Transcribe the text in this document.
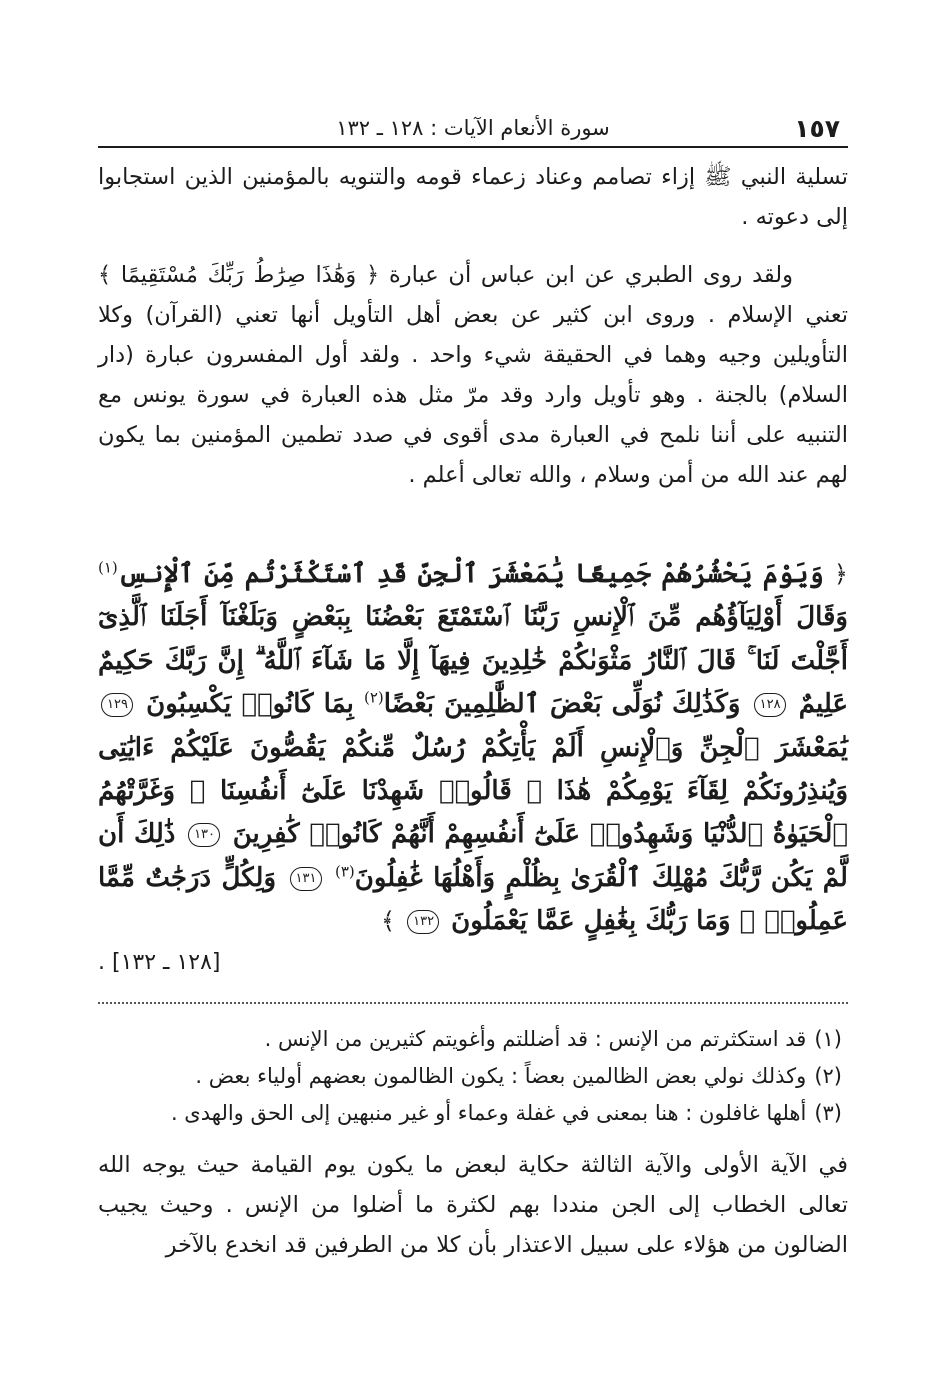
١٥٧
سورة الأنعام الآيات : ١٢٨ ـ ١٣٢

تسلية النبي ﷺ إزاء تصامم وعناد زعماء قومه والتنويه بالمؤمنين الذين استجابوا إلى دعوته .

ولقد روى الطبري عن ابن عباس أن عبارة ﴿ وَهَٰذَا صِرَٰطُ رَبِّكَ مُسْتَقِيمًا ﴾ تعني الإسلام . وروى ابن كثير عن بعض أهل التأويل أنها تعني (القرآن) وكلا التأويلين وجيه وهما في الحقيقة شيء واحد . ولقد أول المفسرون عبارة (دار السلام) بالجنة . وهو تأويل وارد وقد مرّ مثل هذه العبارة في سورة يونس مع التنبيه على أننا نلمح في العبارة مدى أقوى في صدد تطمين المؤمنين بما يكون لهم عند الله من أمن وسلام ، والله تعالى أعلم .

﴿ وَيَوْمَ يَحْشُرُهُمْ جَمِيعًا يَٰمَعْشَرَ ٱلْجِنِّ قَدِ ٱسْتَكْثَرْتُم مِّنَ ٱلْإِنسِ$^{(١)}$ وَقَالَ أَوْلِيَآؤُهُم مِّنَ ٱلْإِنسِ رَبَّنَا ٱسْتَمْتَعَ بَعْضُنَا بِبَعْضٍ وَبَلَغْنَآ أَجَلَنَا ٱلَّذِىٓ أَجَّلْتَ لَنَا ۚ قَالَ ٱلنَّارُ مَثْوَىٰكُمْ خَٰلِدِينَ فِيهَآ إِلَّا مَا شَآءَ ٱللَّهُ ۗ إِنَّ رَبَّكَ حَكِيمٌ عَلِيمٌ ١٢٨ وَكَذَٰلِكَ نُوَلِّى بَعْضَ ٱلظَّٰلِمِينَ بَعْضًا$^{(٢)}$ بِمَا كَانُوا۟ يَكْسِبُونَ ١٢٩ يَٰمَعْشَرَ ٱلْجِنِّ وَٱلْإِنسِ أَلَمْ يَأْتِكُمْ رُسُلٌ مِّنكُمْ يَقُصُّونَ عَلَيْكُمْ ءَايَٰتِى وَيُنذِرُونَكُمْ لِقَآءَ يَوْمِكُمْ هَٰذَا ۚ قَالُوا۟ شَهِدْنَا عَلَىٰٓ أَنفُسِنَا ۖ وَغَرَّتْهُمُ ٱلْحَيَوٰةُ ٱلدُّنْيَا وَشَهِدُوا۟ عَلَىٰٓ أَنفُسِهِمْ أَنَّهُمْ كَانُوا۟ كَٰفِرِينَ ١٣٠ ذَٰلِكَ أَن لَّمْ يَكُن رَّبُّكَ مُهْلِكَ ٱلْقُرَىٰ بِظُلْمٍ وَأَهْلُهَا غَٰفِلُونَ$^{(٣)}$ ١٣١ وَلِكُلٍّ دَرَجَٰتٌ مِّمَّا عَمِلُوا۟ ۚ وَمَا رَبُّكَ بِغَٰفِلٍ عَمَّا يَعْمَلُونَ ١٣٢ ﴾

[١٢٨ ـ ١٣٢] .

(١)قد استكثرتم من الإنس : قد أضللتم وأغويتم كثيرين من الإنس .
(٢)وكذلك نولي بعض الظالمين بعضاً : يكون الظالمون بعضهم أولياء بعض .
(٣)أهلها غافلون : هنا بمعنى في غفلة وعماء أو غير منبهين إلى الحق والهدى .

في الآية الأولى والآية الثالثة حكاية لبعض ما يكون يوم القيامة حيث يوجه الله تعالى الخطاب إلى الجن منددا بهم لكثرة ما أضلوا من الإنس . وحيث يجيب الضالون من هؤلاء على سبيل الاعتذار بأن كلا من الطرفين قد انخدع بالآخر
